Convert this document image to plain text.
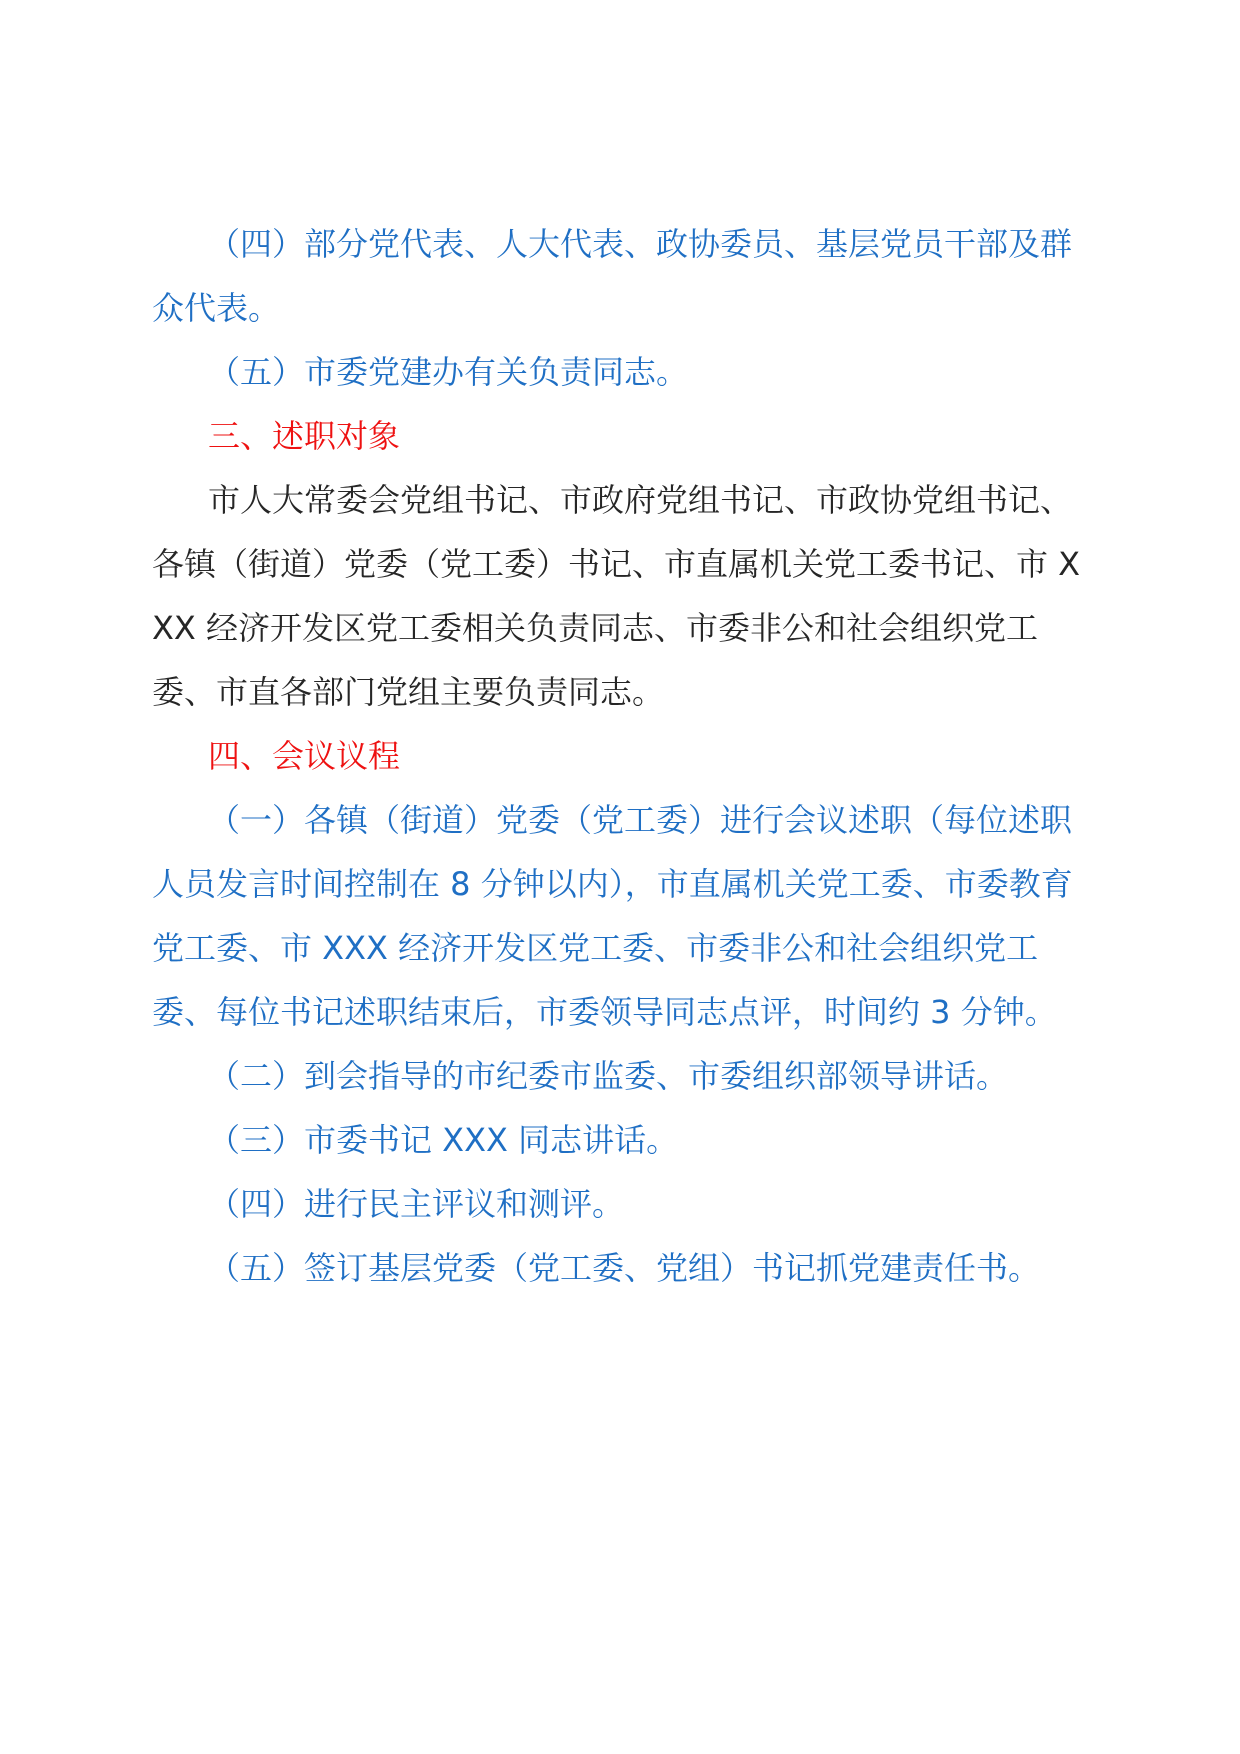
（四）部分党代表、人大代表、政协委员、基层党员干部及群众代表。

（五）市委党建办有关负责同志。

三、述职对象

市人大常委会党组书记、市政府党组书记、市政协党组书记、各镇（街道）党委（党工委）书记、市直属机关党工委书记、市 XXX 经济开发区党工委相关负责同志、市委非公和社会组织党工委、市直各部门党组主要负责同志。

四、会议议程

（一）各镇（街道）党委（党工委）进行会议述职（每位述职人员发言时间控制在 8 分钟以内），市直属机关党工委、市委教育党工委、市 XXX 经济开发区党工委、市委非公和社会组织党工委、每位书记述职结束后，市委领导同志点评，时间约 3 分钟。

（二）到会指导的市纪委市监委、市委组织部领导讲话。

（三）市委书记 XXX 同志讲话。

（四）进行民主评议和测评。

（五）签订基层党委（党工委、党组）书记抓党建责任书。
